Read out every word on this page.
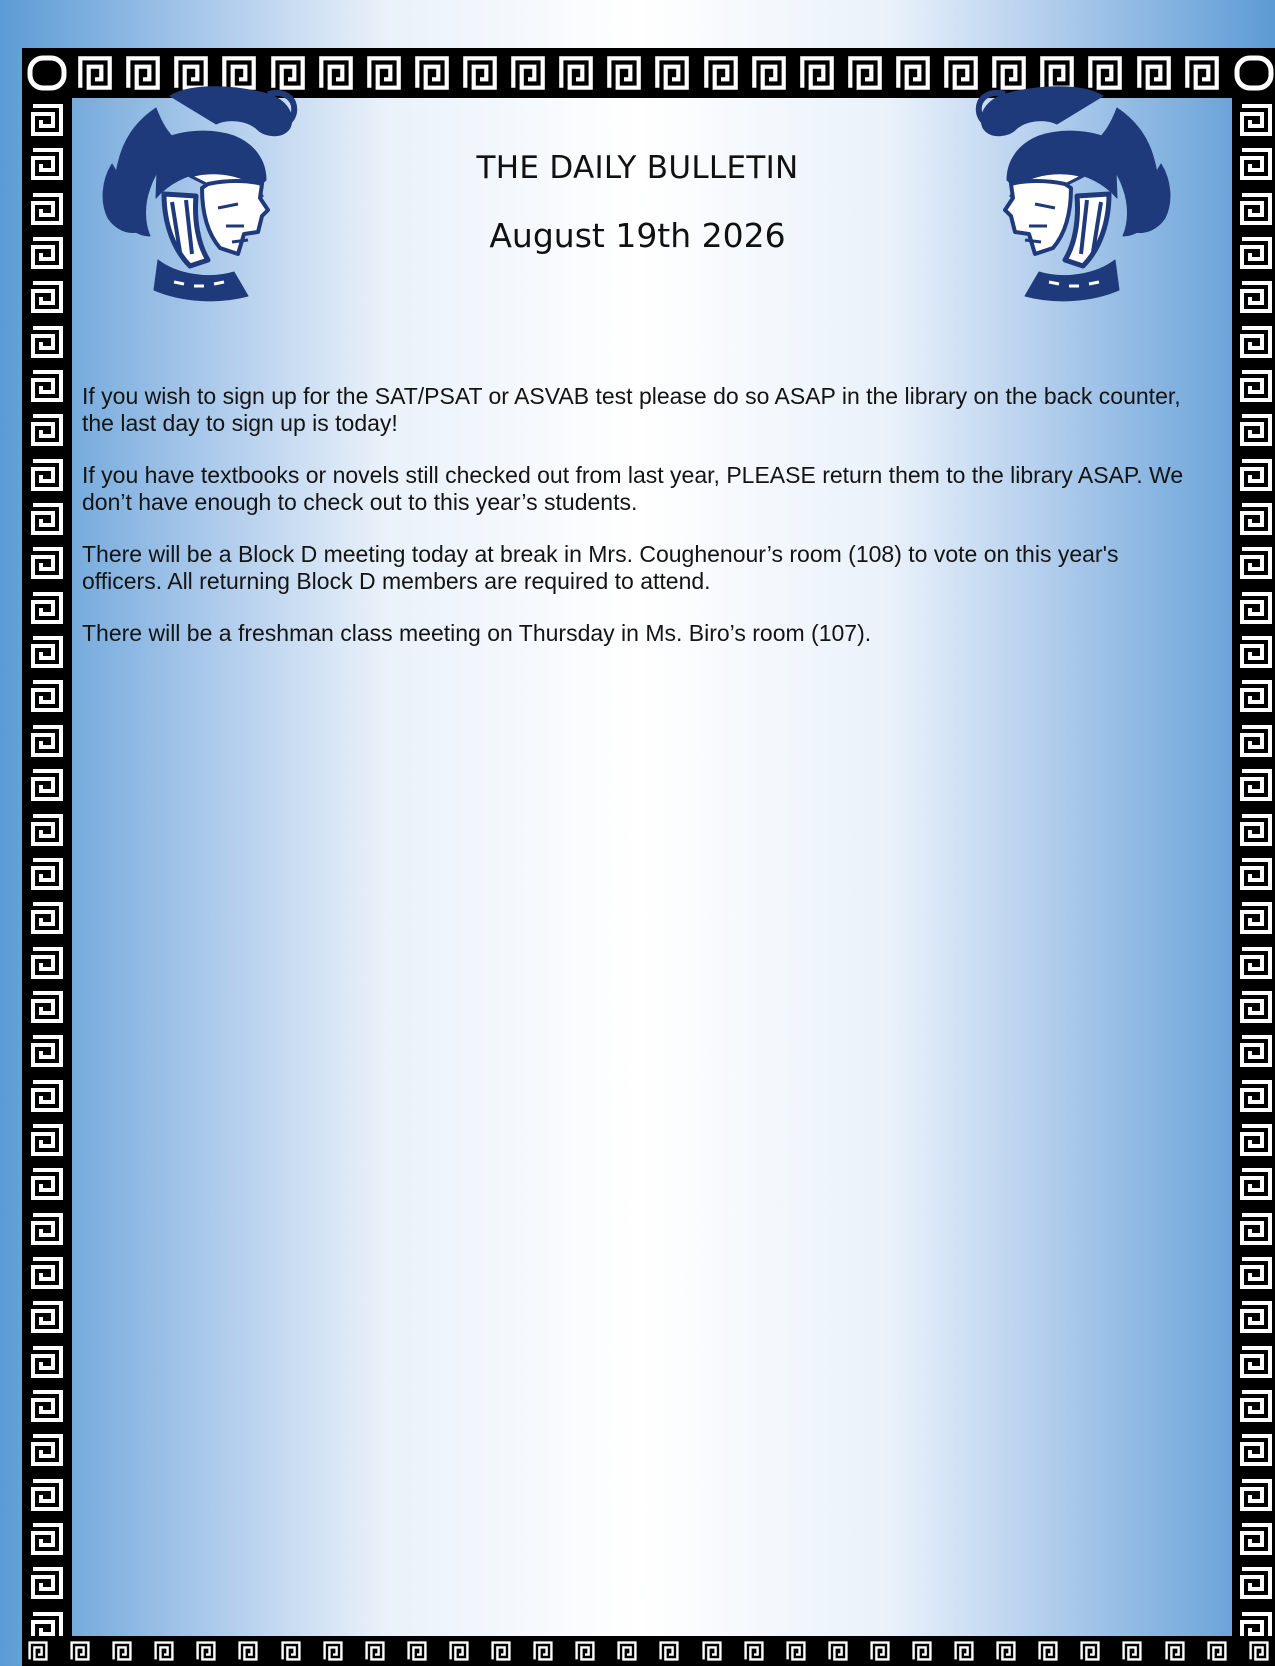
THE DAILY BULLETIN
August 19th 2026

If you wish to sign up for the SAT/PSAT or ASVAB test please do so ASAP in the library on the back counter, the last day to sign up is today!

If you have textbooks or novels still checked out from last year, PLEASE return them to the library ASAP. We don’t have enough to check out to this year’s students.

There will be a Block D meeting today at break in Mrs. Coughenour’s room (108) to vote on this year's officers. All returning Block D members are required to attend.

There will be a freshman class meeting on Thursday in Ms. Biro’s room (107).
